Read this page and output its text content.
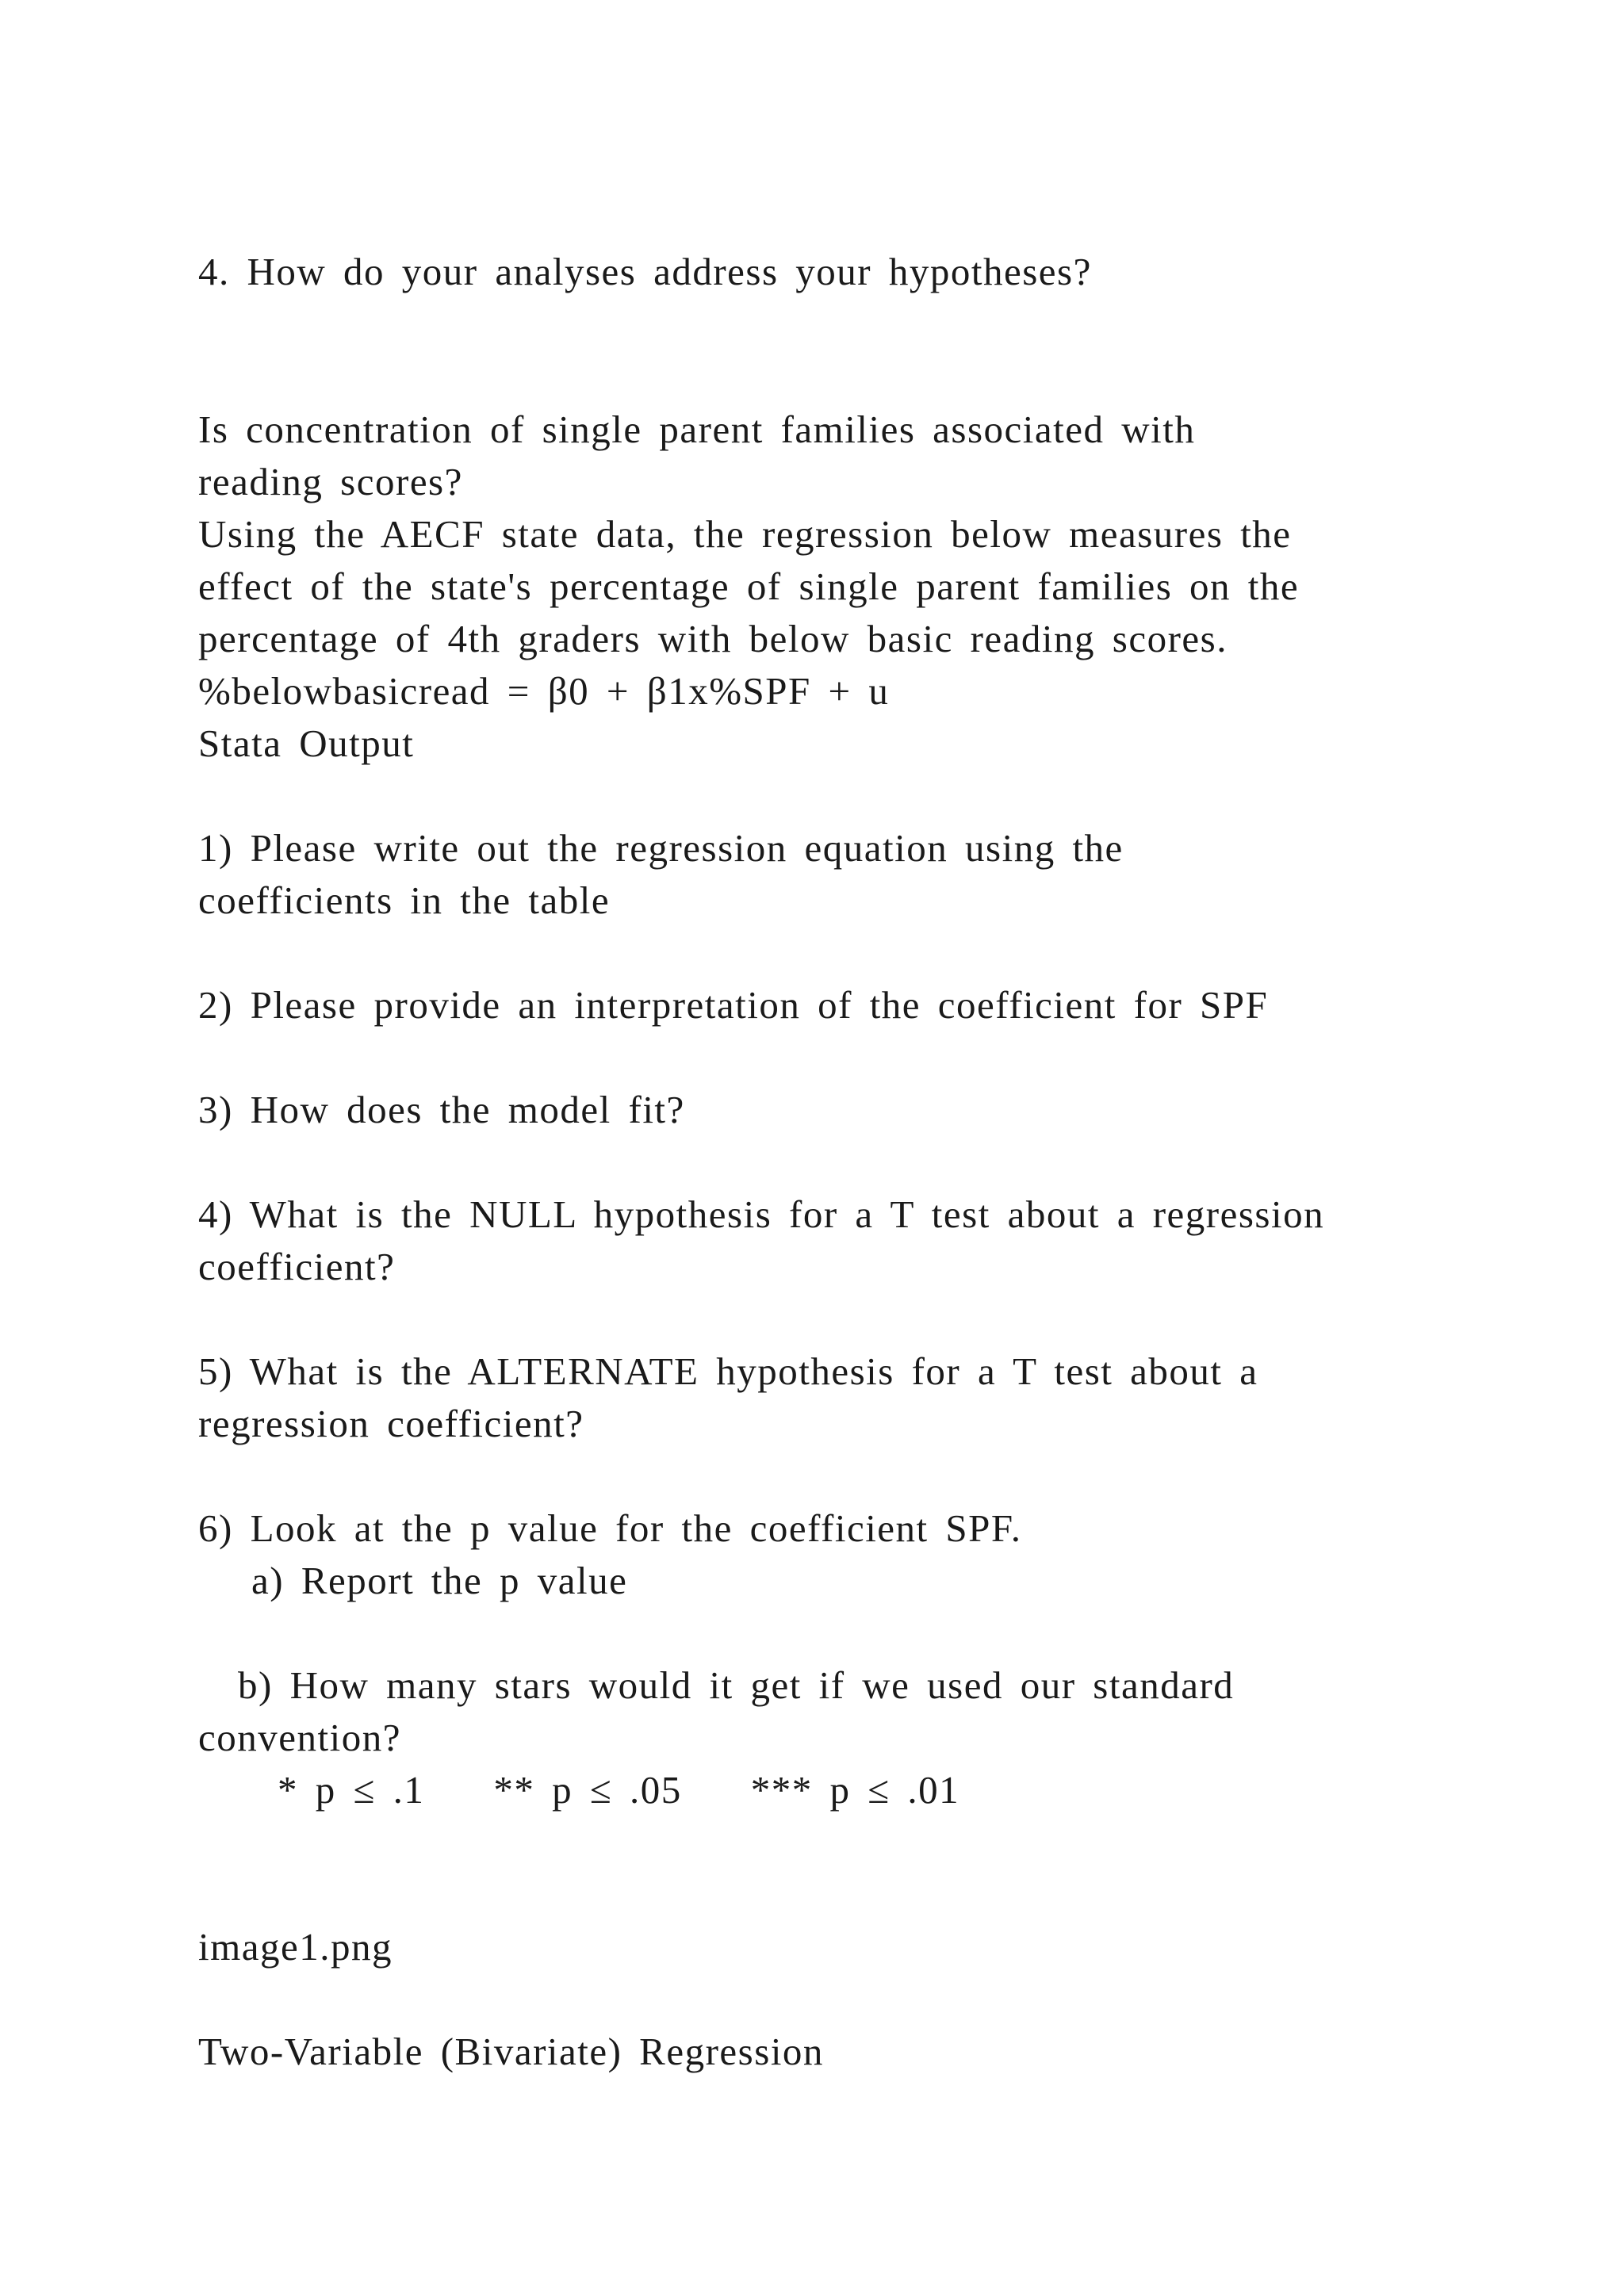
4. How do your analyses address your hypotheses?

Is concentration of single parent families associated with

reading scores?

Using the AECF state data, the regression below measures the

effect of the state's percentage of single parent families on the

percentage of 4th graders with below basic reading scores.

%belowbasicread = β0 + β1x%SPF + u

Stata Output

1) Please write out the regression equation using the

coefficients in the table

2) Please provide an interpretation of the coefficient for SPF

3) How does the model fit?

4) What is the NULL hypothesis for a T test about a regression

coefficient?

5) What is the ALTERNATE hypothesis for a T test about a

regression coefficient?

6) Look at the p value for the coefficient SPF.

a) Report the p value

b) How many stars would it get if we used our standard

convention?

* p ≤ .1    ** p ≤ .05    *** p ≤ .01

image1.png

Two-Variable (Bivariate) Regression
